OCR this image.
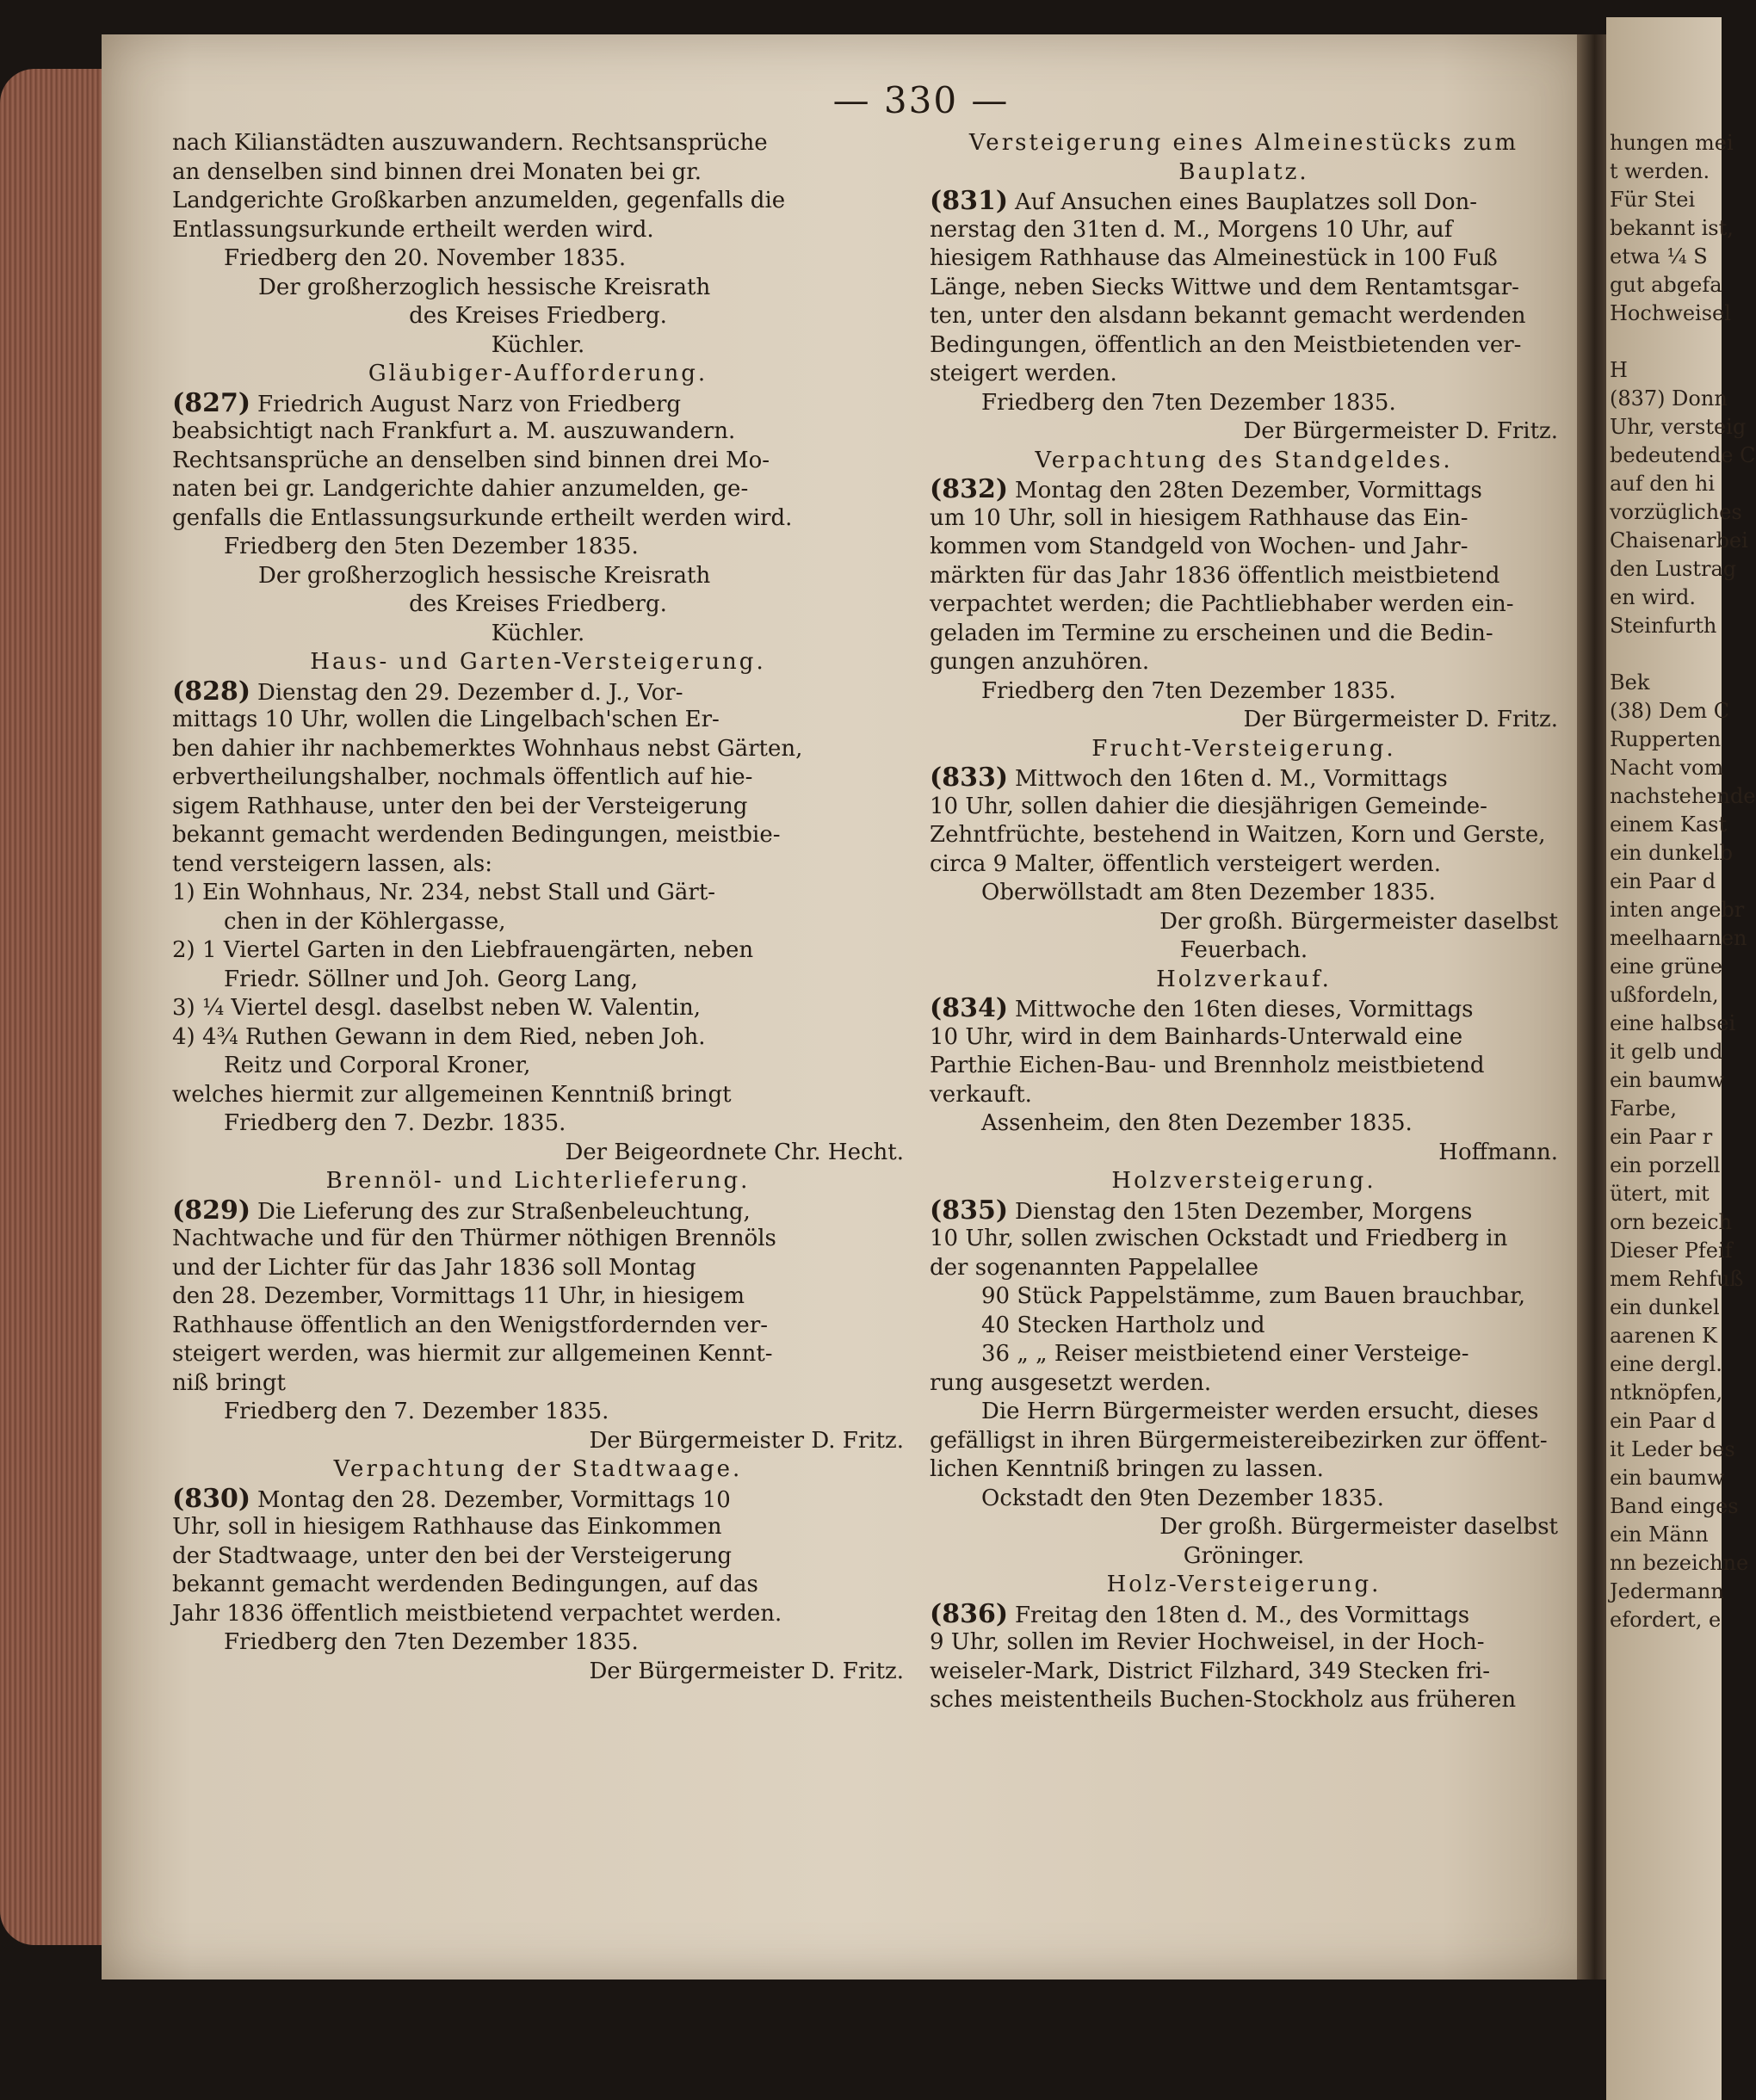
hungen mei
t werden.
Für Stei
bekannt ist,
etwa ¼ S
gut abgefa
Hochweisel
H
(837) Donn
Uhr, versteig
bedeutende C
auf den hi
vorzügliches
Chaisenarbei
den Lustrag
en wird.
Steinfurth
Bek
(38) Dem C
Rupperten
Nacht vom
nachstehende
einem Kast
ein dunkelb
ein Paar d
inten angebr
meelhaarnen
eine grüne
ußfordeln,
eine halbsei
it gelb und
ein baumw
Farbe,
ein Paar r
ein porzell
ütert, mit
orn bezeich
Dieser Pfeif
mem Rehfuß
ein dunkel
aarenen K
eine dergl.
ntknöpfen,
ein Paar d
it Leder bes
ein baumw
Band einges
ein Männ
nn bezeichne
Jedermann
efordert, e
— 330 —
nach Kilianstädten auszuwandern. Rechtsansprüche
an denselben sind binnen drei Monaten bei gr.
Landgerichte Großkarben anzumelden, gegenfalls die
Entlassungsurkunde ertheilt werden wird.
Friedberg den 20. November 1835.
Der großherzoglich hessische Kreisrath
des Kreises Friedberg.
Küchler.
Gläubiger-Aufforderung.
(827) Friedrich August Narz von Friedberg
beabsichtigt nach Frankfurt a. M. auszuwandern.
Rechtsansprüche an denselben sind binnen drei Mo-
naten bei gr. Landgerichte dahier anzumelden, ge-
genfalls die Entlassungsurkunde ertheilt werden wird.
Friedberg den 5ten Dezember 1835.
Der großherzoglich hessische Kreisrath
des Kreises Friedberg.
Küchler.
Haus- und Garten-Versteigerung.
(828) Dienstag den 29. Dezember d. J., Vor-
mittags 10 Uhr, wollen die Lingelbach'schen Er-
ben dahier ihr nachbemerktes Wohnhaus nebst Gärten,
erbvertheilungshalber, nochmals öffentlich auf hie-
sigem Rathhause, unter den bei der Versteigerung
bekannt gemacht werdenden Bedingungen, meistbie-
tend versteigern lassen, als:
1) Ein Wohnhaus, Nr. 234, nebst Stall und Gärt-
chen in der Köhlergasse,
2) 1 Viertel Garten in den Liebfrauengärten, neben
Friedr. Söllner und Joh. Georg Lang,
3) ¼ Viertel desgl. daselbst neben W. Valentin,
4) 4¾ Ruthen Gewann in dem Ried, neben Joh.
Reitz und Corporal Kroner,
welches hiermit zur allgemeinen Kenntniß bringt
Friedberg den 7. Dezbr. 1835.
Der Beigeordnete Chr. Hecht.
Brennöl- und Lichterlieferung.
(829) Die Lieferung des zur Straßenbeleuchtung,
Nachtwache und für den Thürmer nöthigen Brennöls
und der Lichter für das Jahr 1836 soll Montag
den 28. Dezember, Vormittags 11 Uhr, in hiesigem
Rathhause öffentlich an den Wenigstfordernden ver-
steigert werden, was hiermit zur allgemeinen Kennt-
niß bringt
Friedberg den 7. Dezember 1835.
Der Bürgermeister D. Fritz.
Verpachtung der Stadtwaage.
(830) Montag den 28. Dezember, Vormittags 10
Uhr, soll in hiesigem Rathhause das Einkommen
der Stadtwaage, unter den bei der Versteigerung
bekannt gemacht werdenden Bedingungen, auf das
Jahr 1836 öffentlich meistbietend verpachtet werden.
Friedberg den 7ten Dezember 1835.
Der Bürgermeister D. Fritz.
Versteigerung eines Almeinestücks zum
Bauplatz.
(831) Auf Ansuchen eines Bauplatzes soll Don-
nerstag den 31ten d. M., Morgens 10 Uhr, auf
hiesigem Rathhause das Almeinestück in 100 Fuß
Länge, neben Siecks Wittwe und dem Rentamtsgar-
ten, unter den alsdann bekannt gemacht werdenden
Bedingungen, öffentlich an den Meistbietenden ver-
steigert werden.
Friedberg den 7ten Dezember 1835.
Der Bürgermeister D. Fritz.
Verpachtung des Standgeldes.
(832) Montag den 28ten Dezember, Vormittags
um 10 Uhr, soll in hiesigem Rathhause das Ein-
kommen vom Standgeld von Wochen- und Jahr-
märkten für das Jahr 1836 öffentlich meistbietend
verpachtet werden; die Pachtliebhaber werden ein-
geladen im Termine zu erscheinen und die Bedin-
gungen anzuhören.
Friedberg den 7ten Dezember 1835.
Der Bürgermeister D. Fritz.
Frucht-Versteigerung.
(833) Mittwoch den 16ten d. M., Vormittags
10 Uhr, sollen dahier die diesjährigen Gemeinde-
Zehntfrüchte, bestehend in Waitzen, Korn und Gerste,
circa 9 Malter, öffentlich versteigert werden.
Oberwöllstadt am 8ten Dezember 1835.
Der großh. Bürgermeister daselbst
Feuerbach.
Holzverkauf.
(834) Mittwoche den 16ten dieses, Vormittags
10 Uhr, wird in dem Bainhards-Unterwald eine
Parthie Eichen-Bau- und Brennholz meistbietend
verkauft.
Assenheim, den 8ten Dezember 1835.
Hoffmann.
Holzversteigerung.
(835) Dienstag den 15ten Dezember, Morgens
10 Uhr, sollen zwischen Ockstadt und Friedberg in
der sogenannten Pappelallee
90 Stück Pappelstämme, zum Bauen brauchbar,
40 Stecken Hartholz und
36 „ „ Reiser meistbietend einer Versteige-
rung ausgesetzt werden.
Die Herrn Bürgermeister werden ersucht, dieses
gefälligst in ihren Bürgermeistereibezirken zur öffent-
lichen Kenntniß bringen zu lassen.
Ockstadt den 9ten Dezember 1835.
Der großh. Bürgermeister daselbst
Gröninger.
Holz-Versteigerung.
(836) Freitag den 18ten d. M., des Vormittags
9 Uhr, sollen im Revier Hochweisel, in der Hoch-
weiseler-Mark, District Filzhard, 349 Stecken fri-
sches meistentheils Buchen-Stockholz aus früheren
